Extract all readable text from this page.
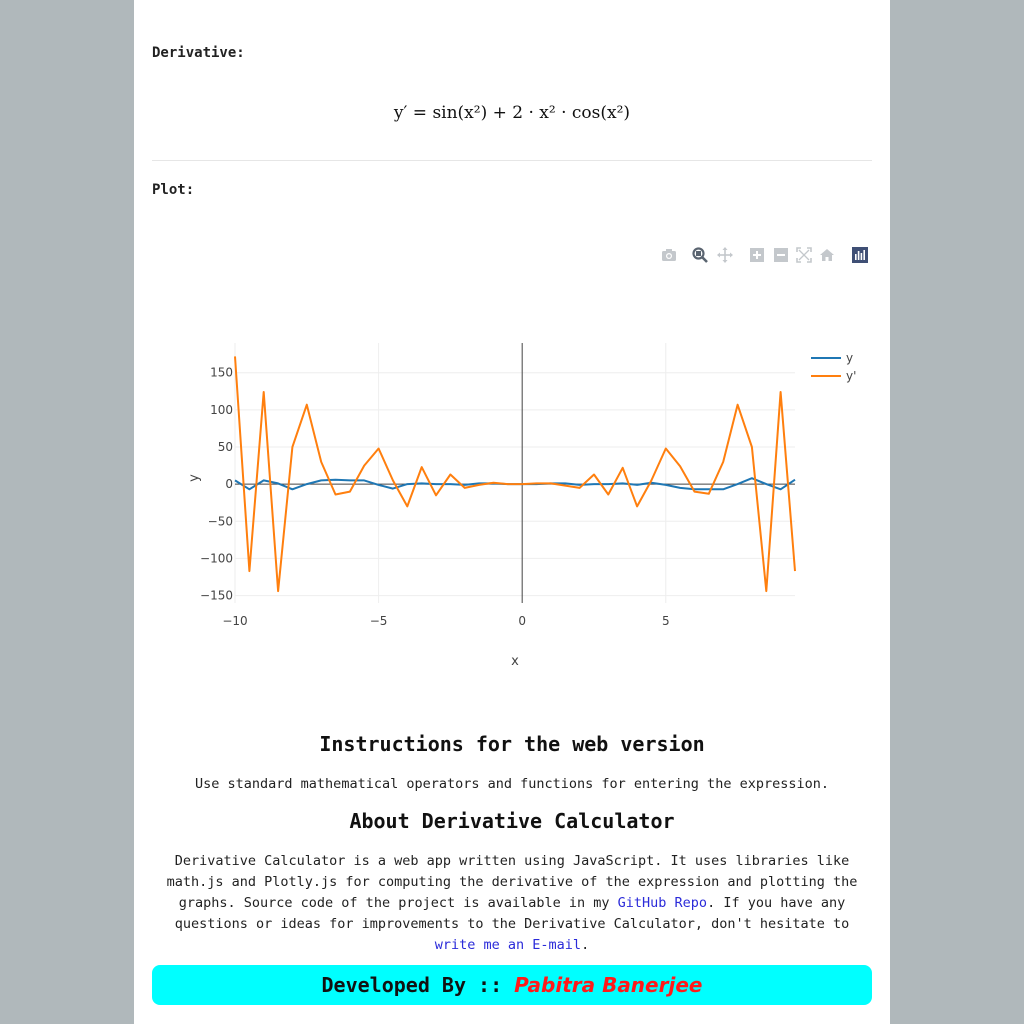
Derivative:
y′ = sin(x²) + 2 · x² · cos(x²)
Plot:
−150
−100
−50
0
50
100
150
−10	−5	0	5
y
y'
x
y
Instructions for the web version
Use standard mathematical operators and functions for entering the expression.
About Derivative Calculator
Derivative Calculator is a web app written using JavaScript. It uses libraries like math.js and Plotly.js for computing the derivative of the expression and plotting the graphs. Source code of the project is available in my GitHub Repo. If you have any questions or ideas for improvements to the Derivative Calculator, don't hesitate to write me an E-mail.
Developed By :: Pabitra Banerjee
